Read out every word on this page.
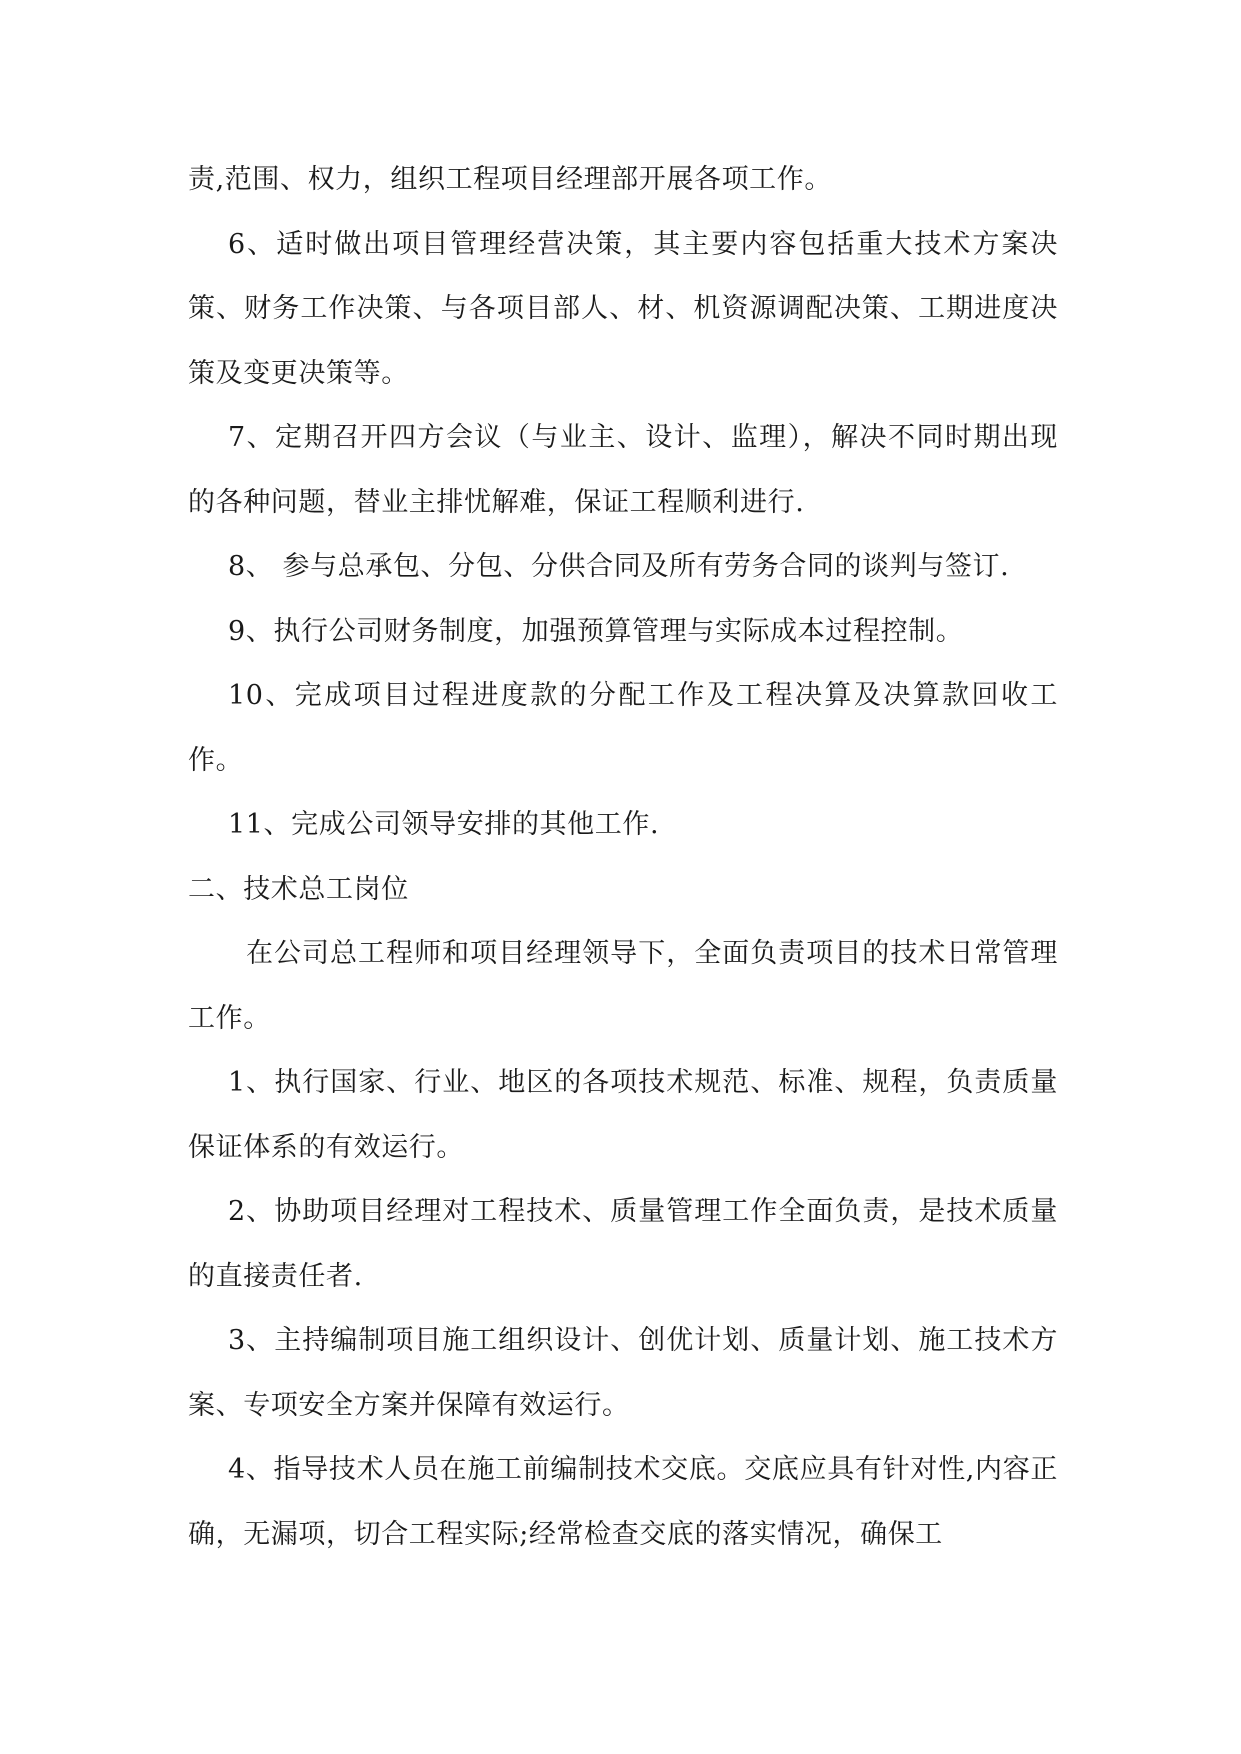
责,范围、权力，组织工程项目经理部开展各项工作。

6、适时做出项目管理经营决策，其主要内容包括重大技术方案决策、财务工作决策、与各项目部人、材、机资源调配决策、工期进度决策及变更决策等。

7、定期召开四方会议（与业主、设计、监理），解决不同时期出现的各种问题，替业主排忧解难，保证工程顺利进行.

8、 参与总承包、分包、分供合同及所有劳务合同的谈判与签订.

9、执行公司财务制度，加强预算管理与实际成本过程控制。

10、完成项目过程进度款的分配工作及工程决算及决算款回收工作。

11、完成公司领导安排的其他工作.

二、技术总工岗位

在公司总工程师和项目经理领导下，全面负责项目的技术日常管理工作。

1、执行国家、行业、地区的各项技术规范、标准、规程，负责质量保证体系的有效运行。

2、协助项目经理对工程技术、质量管理工作全面负责，是技术质量的直接责任者.

3、主持编制项目施工组织设计、创优计划、质量计划、施工技术方案、专项安全方案并保障有效运行。

4、指导技术人员在施工前编制技术交底。交底应具有针对性,内容正确，无漏项，切合工程实际;经常检查交底的落实情况，确保工
